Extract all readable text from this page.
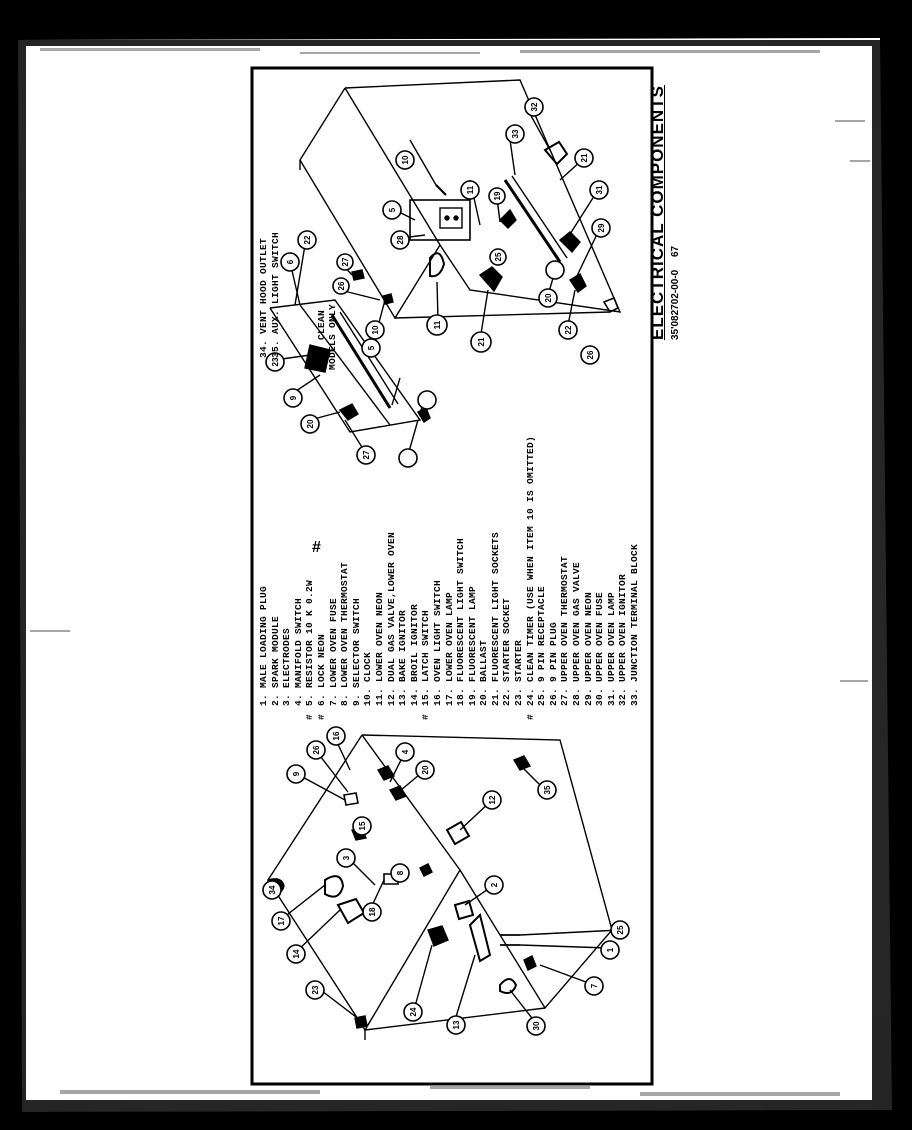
#
6
22
27
26
10
11
5
28
19
33
32
21
31
29
22
26
20
25
21
11
5
10
23
9
20
27
16
26
9
4
20
15
12
35
3
8
18
17
14
2
24
13	30
7
1
25
23
34
1. MALE LOADING PLUG 2. SPARK MODULE 3. ELECTRODES 4. MANIFOLD SWITCH
#5. RESISTOR 10 K 0.2W
#6. LOCK NEON 7. LOWER OVEN FUSE 8. LOWER OVEN THERMOSTAT 9. SELECTOR SWITCH 10. CLOCK 11. LOWER OVEN NEON 12. DUAL GAS VALVE,LOWER OVEN 13. BAKE IGNITOR 14. BROIL IGNITOR
#15. LATCH SWITCH 16. OVEN LIGHT SWITCH 17. LOWER OVEN LAMP 18. FLUORESCENT LIGHT SWITCH 19. FLUORESCENT LAMP 20. BALLAST 21. FLUORESCENT LIGHT SOCKETS 22. STARTER SOCKET 23. STARTER
#24. CLEAN TIMER (USE WHEN ITEM 10 IS OMITTED) 25. 9 PIN RECEPTACLE 26. 9 PIN PLUG 27. UPPER OVEN THERMOSTAT 28. UPPER OVEN GAS VALVE 29. UPPER OVEN NEON 30. UPPER OVEN FUSE 31. UPPER OVEN LAMP 32. UPPER OVEN IGNITOR 33. JUNCTION TERMINAL BLOCK
34. VENT HOOD OUTLET 35. AUX. LIGHT SWITCH	SELF CLEAN MODELS ONLY	ELECTRICAL COMPONENTS 35'082702-00-0 67
